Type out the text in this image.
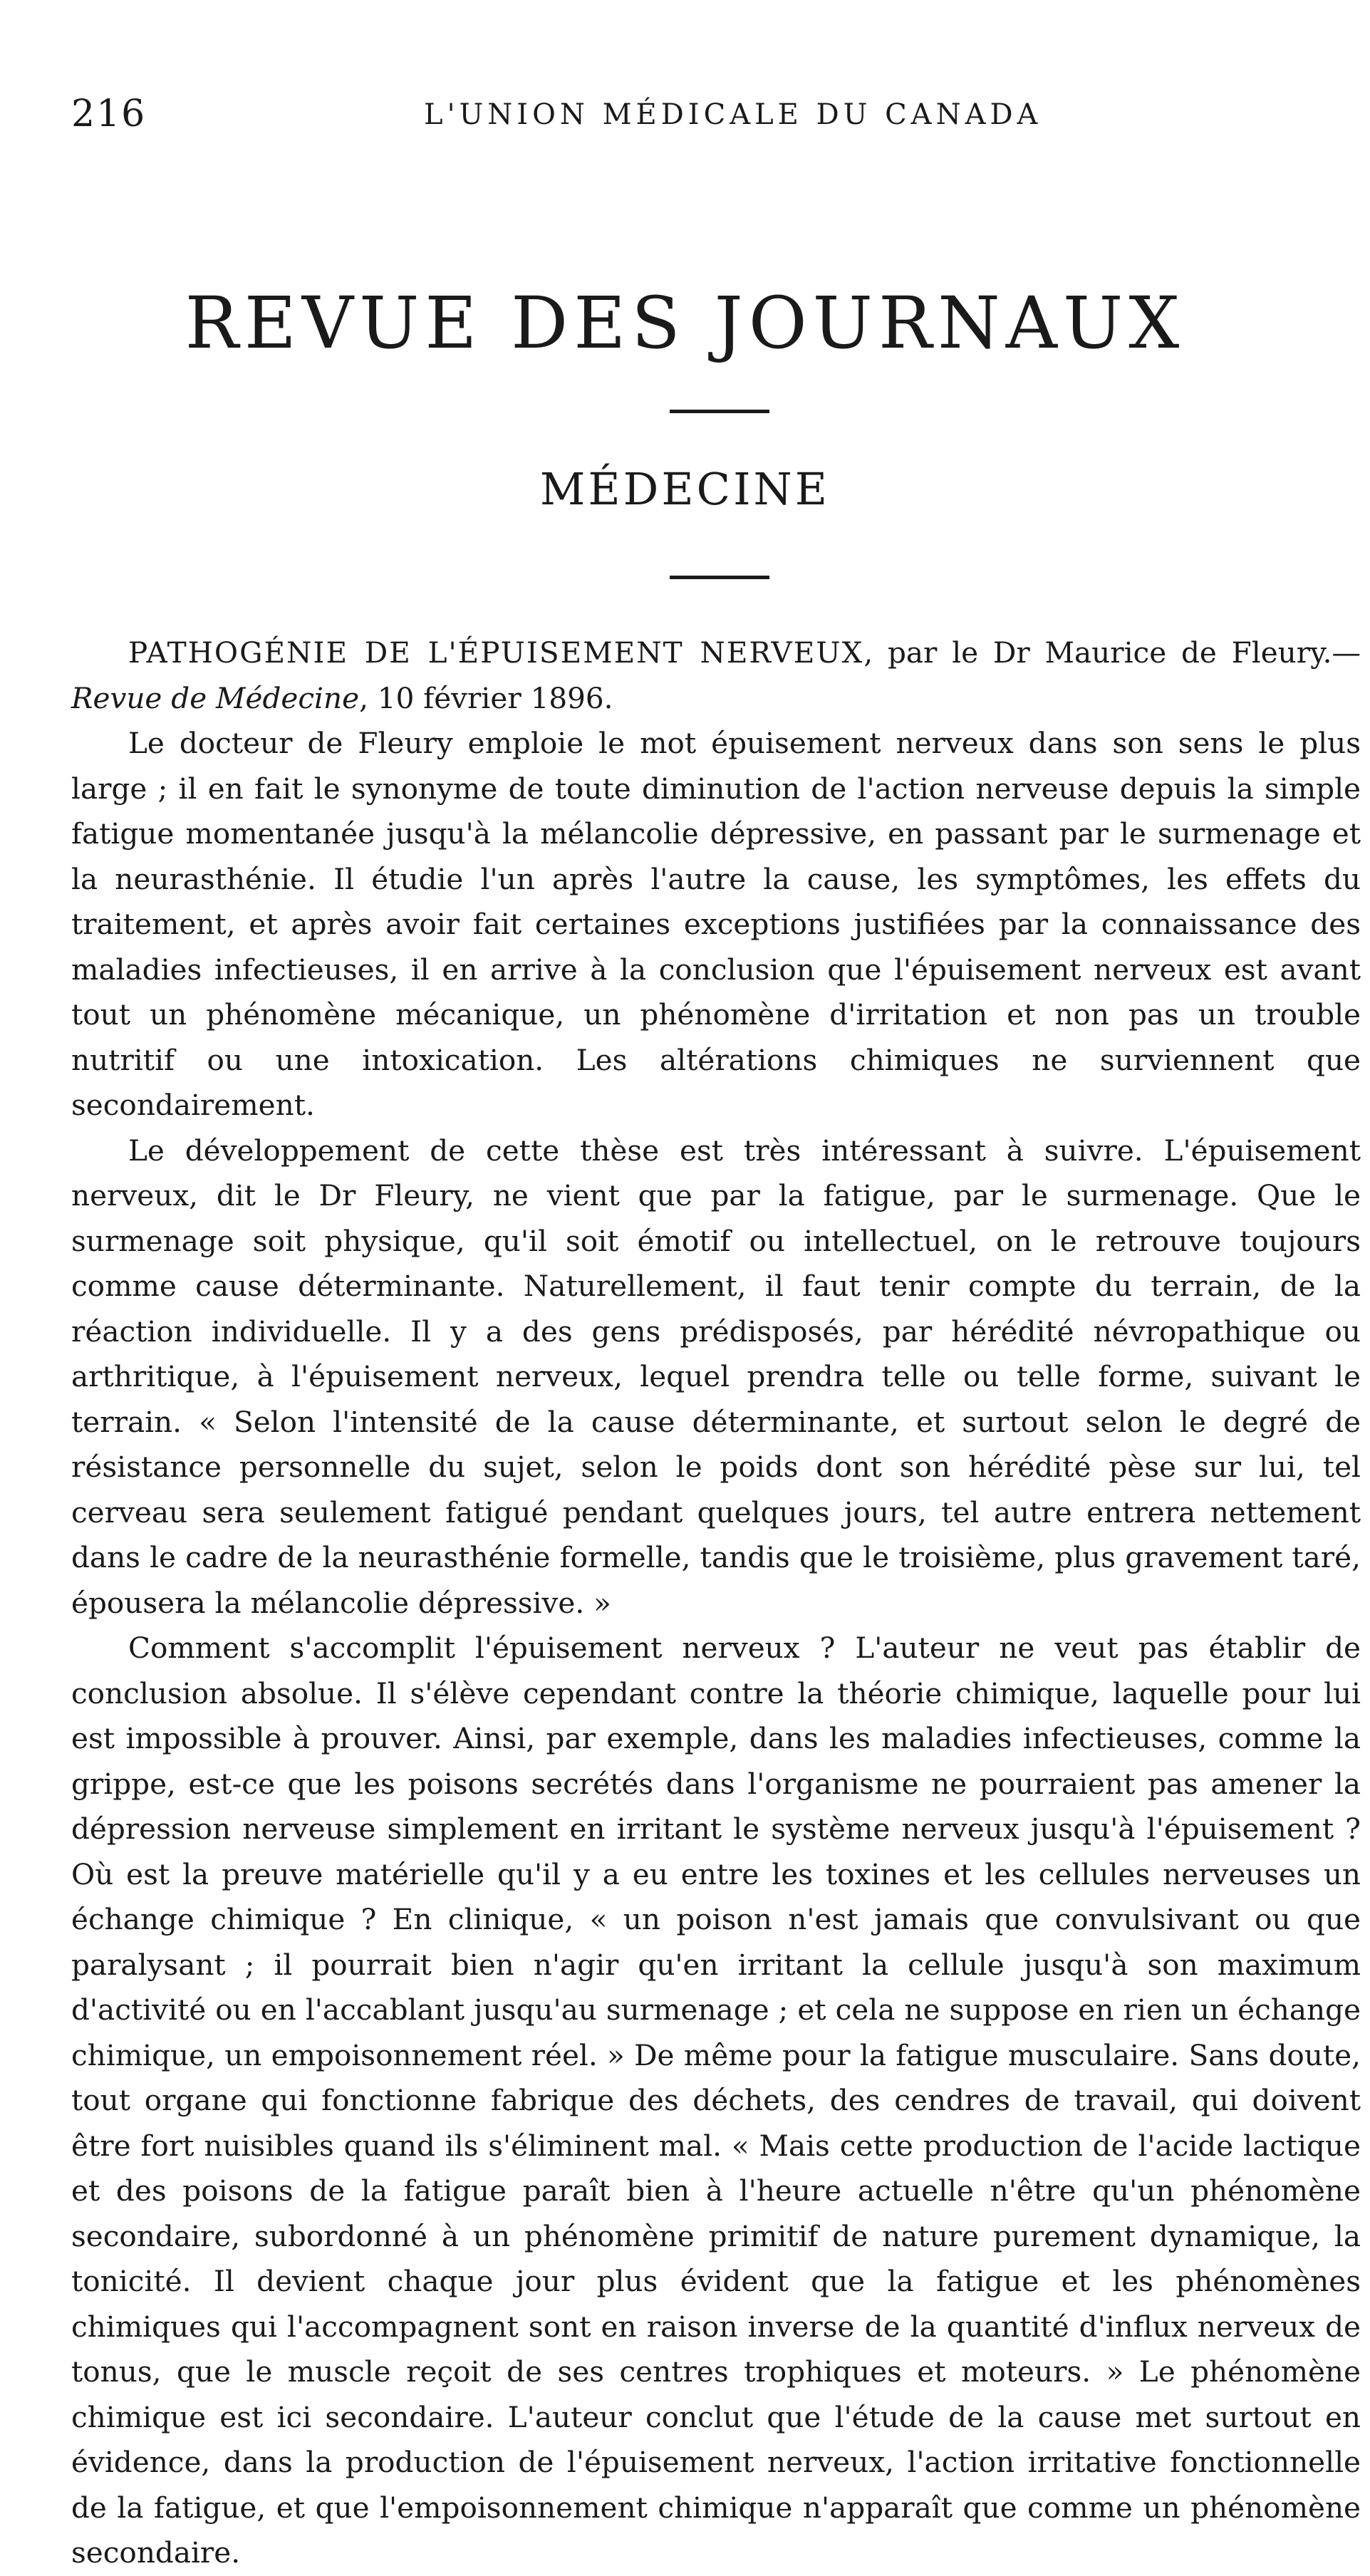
216	L'UNION MÉDICALE DU CANADA
REVUE DES JOURNAUX
MÉDECINE

PATHOGÉNIE DE L'ÉPUISEMENT NERVEUX, par le Dr Maurice de Fleury.—Revue de Médecine, 10 février 1896.

Le docteur de Fleury emploie le mot épuisement nerveux dans son sens le plus large ; il en fait le synonyme de toute diminution de l'action nerveuse depuis la simple fatigue momentanée jusqu'à la mélancolie dépressive, en passant par le surmenage et la neurasthénie. Il étudie l'un après l'autre la cause, les symptômes, les effets du traitement, et après avoir fait certaines exceptions justifiées par la connaissance des maladies infectieuses, il en arrive à la conclusion que l'épuisement nerveux est avant tout un phénomène mécanique, un phénomène d'irritation et non pas un trouble nutritif ou une intoxication. Les altérations chimiques ne surviennent que secondairement.

Le développement de cette thèse est très intéressant à suivre. L'épuisement nerveux, dit le Dr Fleury, ne vient que par la fatigue, par le surmenage. Que le surmenage soit physique, qu'il soit émotif ou intellectuel, on le retrouve toujours comme cause déterminante. Naturellement, il faut tenir compte du terrain, de la réaction individuelle. Il y a des gens prédisposés, par hérédité névropathique ou arthritique, à l'épuisement nerveux, lequel prendra telle ou telle forme, suivant le terrain. « Selon l'intensité de la cause déterminante, et surtout selon le degré de résistance personnelle du sujet, selon le poids dont son hérédité pèse sur lui, tel cerveau sera seulement fatigué pendant quelques jours, tel autre entrera nettement dans le cadre de la neurasthénie formelle, tandis que le troisième, plus gravement taré, épousera la mélancolie dépressive. »

Comment s'accomplit l'épuisement nerveux ? L'auteur ne veut pas établir de conclusion absolue. Il s'élève cependant contre la théorie chimique, laquelle pour lui est impossible à prouver. Ainsi, par exemple, dans les maladies infectieuses, comme la grippe, est-ce que les poisons secrétés dans l'organisme ne pourraient pas amener la dépression nerveuse simplement en irritant le système nerveux jusqu'à l'épuisement ? Où est la preuve matérielle qu'il y a eu entre les toxines et les cellules nerveuses un échange chimique ? En clinique, « un poison n'est jamais que convulsivant ou que paralysant ; il pourrait bien n'agir qu'en irritant la cellule jusqu'à son maximum d'activité ou en l'accablant jusqu'au surmenage ; et cela ne suppose en rien un échange chimique, un empoisonnement réel. » De même pour la fatigue musculaire. Sans doute, tout organe qui fonctionne fabrique des déchets, des cendres de travail, qui doivent être fort nuisibles quand ils s'éliminent mal. « Mais cette production de l'acide lactique et des poisons de la fatigue paraît bien à l'heure actuelle n'être qu'un phénomène secondaire, subordonné à un phénomène primitif de nature purement dynamique, la tonicité. Il devient chaque jour plus évident que la fatigue et les phénomènes chimiques qui l'accompagnent sont en raison inverse de la quantité d'influx nerveux de tonus, que le muscle reçoit de ses centres trophiques et moteurs. » Le phénomène chimique est ici secondaire. L'auteur conclut que l'étude de la cause met surtout en évidence, dans la production de l'épuisement nerveux, l'action irritative fonctionnelle de la fatigue, et que l'empoisonnement chimique n'apparaît que comme un phénomène secondaire.
